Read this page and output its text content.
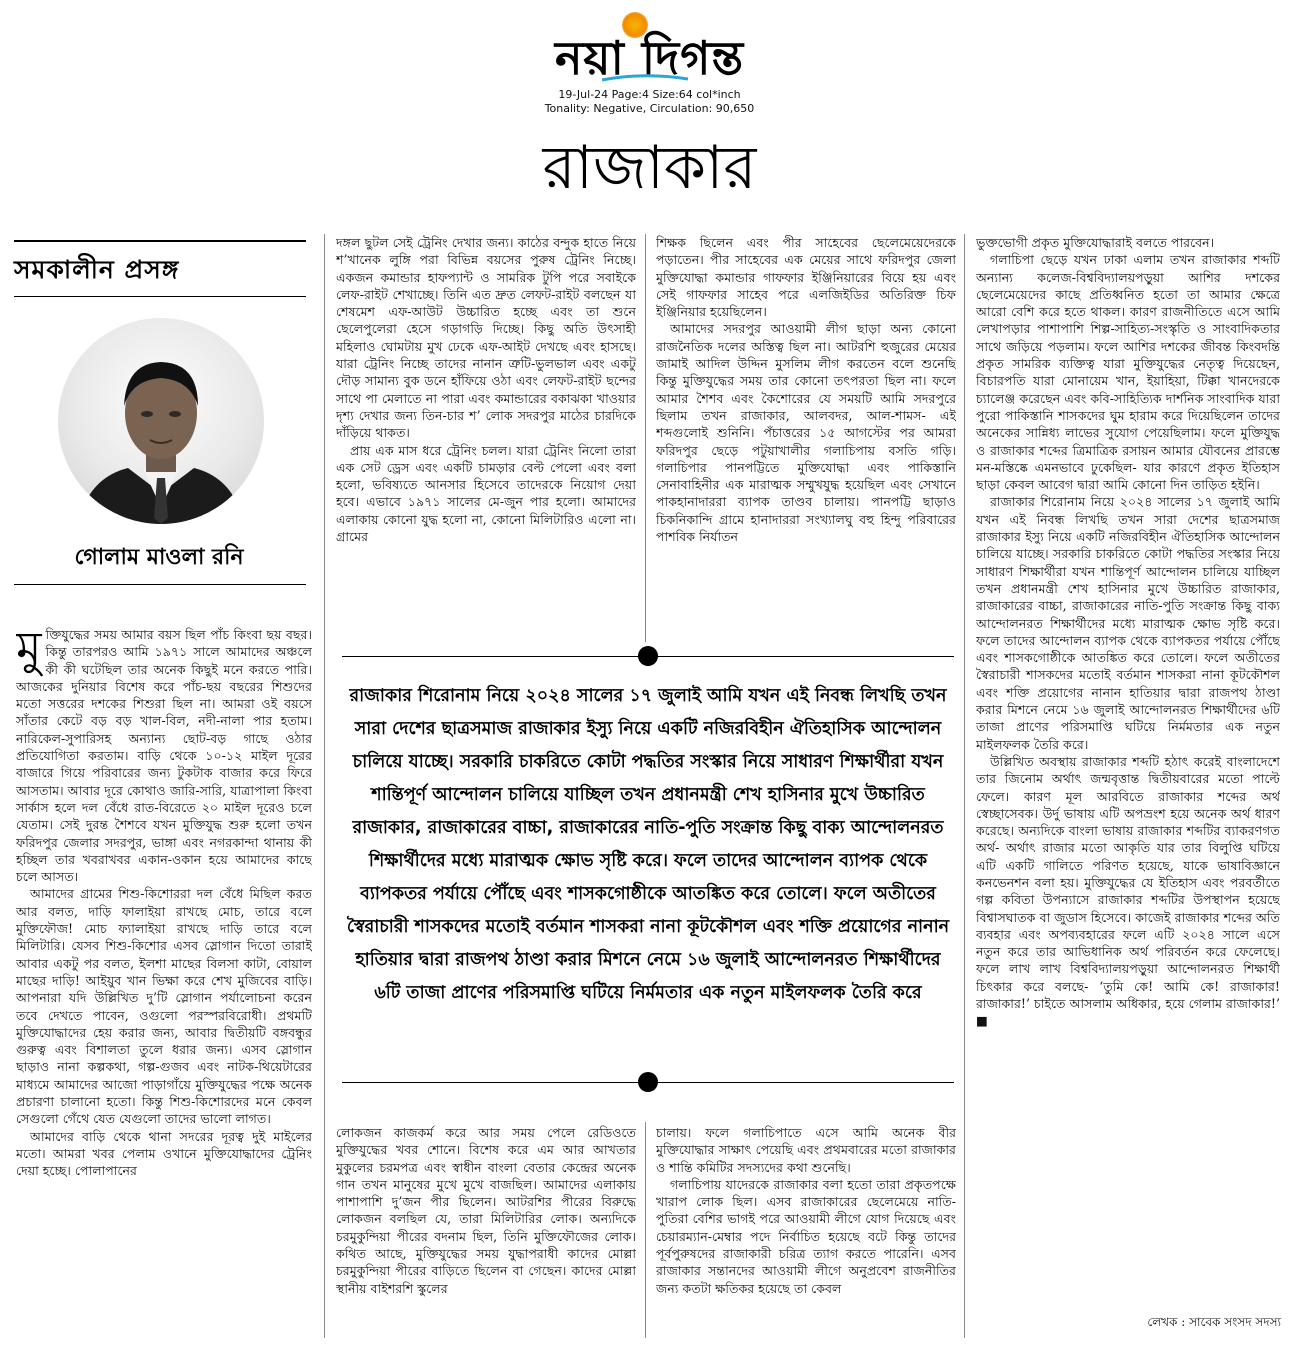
নয়া দিগন্ত
19-Jul-24 Page:4 Size:64 col*inch
Tonality: Negative, Circulation: 90,650
রাজাকার
সমকালীন প্রসঙ্গ
গোলাম মাওলা রনি
মু ক্তিযুদ্ধের সময় আমার বয়স ছিল পাঁচ কিংবা ছয় বছর। কিন্তু তারপরও আমি ১৯৭১ সালে আমাদের অঞ্চলে কী কী ঘটেছিল তার অনেক কিছুই মনে করতে পারি। আজকের দুনিয়ার বিশেষ করে পাঁচ-ছয় বছরের শিশুদের মতো সত্তরের দশকের শিশুরা ছিল না। আমরা ওই বয়সে সাঁতার কেটে বড় বড় খাল-বিল, নদী-নালা পার হতাম। নারিকেল-সুপারিসহ অন্যান্য ছোট-বড় গাছে ওঠার প্রতিযোগিতা করতাম। বাড়ি থেকে ১০-১২ মাইল দূরের বাজারে গিয়ে পরিবারের জন্য টুকটাক বাজার করে ফিরে আসতাম। আবার দূরে কোথাও জারি-সারি, যাত্রাপালা কিংবা সার্কাস হলে দল বেঁধে রাত-বিরেতে ২০ মাইল দূরেও চলে যেতাম। সেই দুরন্ত শৈশবে যখন মুক্তিযুদ্ধ শুরু হলো তখন ফরিদপুর জেলার সদরপুর, ভাঙ্গা এবং নগরকান্দা থানায় কী হচ্ছিল তার খবরাখবর একান-ওকান হয়ে আমাদের কাছে চলে আসত।

আমাদের গ্রামের শিশু-কিশোররা দল বেঁধে মিছিল করত আর বলত, দাড়ি ফালাইয়া রাখছে মোচ, তারে বলে মুক্তিফৌজ! মোচ ফ্যালাইয়া রাখছে দাড়ি তারে বলে মিলিটারি। যেসব শিশু-কিশোর এসব স্লোগান দিতো তারাই আবার একটু পর বলত, ইলশা মাছের বিলসা কাটা, বোয়াল মাছের দাড়ি! আইয়ুব খান ভিক্ষা করে শেখ মুজিবের বাড়ি। আপনারা যদি উল্লিখিত দু’টি স্লোগান পর্যালোচনা করেন তবে দেখতে পাবেন, ওগুলো পরস্পরবিরোধী। প্রথমটি মুক্তিযোদ্ধাদের হেয় করার জন্য, আবার দ্বিতীয়টি বঙ্গবন্ধুর গুরুত্ব এবং বিশালতা তুলে ধরার জন্য। এসব স্লোগান ছাড়াও নানা কল্পকথা, গল্প-গুজব এবং নাটক-থিয়েটারের মাধ্যমে আমাদের আজো পাড়াগাঁয়ে মুক্তিযুদ্ধের পক্ষে অনেক প্রচারণা চালানো হতো। কিন্তু শিশু-কিশোরদের মনে কেবল সেগুলো গেঁথে যেত যেগুলো তাদের ভালো লাগত।

আমাদের বাড়ি থেকে থানা সদরের দূরত্ব দুই মাইলের মতো। আমরা খবর পেলাম ওখানে মুক্তিযোদ্ধাদের ট্রেনিং দেয়া হচ্ছে। পোলাপানের

দঙ্গল ছুটল সেই ট্রেনিং দেখার জন্য। কাঠের বন্দুক হাতে নিয়ে শ’খানেক লুঙ্গি পরা বিভিন্ন বয়সের পুরুষ ট্রেনিং নিচ্ছে। একজন কমান্ডার হাফপ্যান্ট ও সামরিক টুপি পরে সবাইকে লেফ-রাইট শেখাচ্ছে। তিনি এত দ্রুত লেফট-রাইট বলছেন যা শেষমেশ এফ-আউট উচ্চারিত হচ্ছে এবং তা শুনে ছেলেপুলেরা হেসে গড়াগড়ি দিচ্ছে। কিছু অতি উৎসাহী মহিলাও ঘোমটায় মুখ ঢেকে এফ-আইট দেখছে এবং হাসছে। যারা ট্রেনিং নিচ্ছে তাদের নানান ত্রুটি-ভুলভাল এবং একটু দৌড় সামান্য বুক ডনে হাঁফিয়ে ওঠা এবং লেফট-রাইট ছন্দের সাথে পা মেলাতে না পারা এবং কমান্ডারের বকাঝকা খাওয়ার দৃশ্য দেখার জন্য তিন-চার শ’ লোক সদরপুর মাঠের চারদিকে দাঁড়িয়ে থাকত।

প্রায় এক মাস ধরে ট্রেনিং চলল। যারা ট্রেনিং নিলো তারা এক সেট ড্রেস এবং একটি চামড়ার বেল্ট পেলো এবং বলা হলো, ভবিষ্যতে আনসার হিসেবে তাদেরকে নিয়োগ দেয়া হবে। এভাবে ১৯৭১ সালের মে-জুন পার হলো। আমাদের এলাকায় কোনো যুদ্ধ হলো না, কোনো মিলিটারিও এলো না। গ্রামের

শিক্ষক ছিলেন এবং পীর সাহেবের ছেলেমেয়েদেরকে পড়াতেন। পীর সাহেবের এক মেয়ের সাথে ফরিদপুর জেলা মুক্তিযোদ্ধা কমান্ডার গাফফার ইঞ্জিনিয়ারের বিয়ে হয় এবং সেই গাফফার সাহেব পরে এলজিইডির অতিরিক্ত চিফ ইঞ্জিনিয়ার হয়েছিলেন।

আমাদের সদরপুর আওয়ামী লীগ ছাড়া অন্য কোনো রাজনৈতিক দলের অস্তিত্ব ছিল না। আটরশি হুজুরের মেয়ের জামাই আদিল উদ্দিন মুসলিম লীগ করতেন বলে শুনেছি কিন্তু মুক্তিযুদ্ধের সময় তার কোনো তৎপরতা ছিল না। ফলে আমার শৈশব এবং কৈশোরের যে সময়টি আমি সদরপুরে ছিলাম তখন রাজাকার, আলবদর, আল-শামস- এই শব্দগুলোই শুনিনি। পঁচাত্তরের ১৫ আগস্টের পর আমরা ফরিদপুর ছেড়ে পটুয়াখালীর গলাচিপায় বসতি গড়ি। গলাচিপার পানপট্টিতে মুক্তিযোদ্ধা এবং পাকিস্তানি সেনাবাহিনীর এক মারাত্মক সম্মুখযুদ্ধ হয়েছিল এবং সেখানে পাকহানাদাররা ব্যাপক তাণ্ডব চালায়। পানপট্টি ছাড়াও চিকনিকান্দি গ্রামে হানাদাররা সংখ্যালঘু বহু হিন্দু পরিবারের পাশবিক নির্যাতন

রাজাকার শিরোনাম নিয়ে ২০২৪ সালের ১৭ জুলাই আমি যখন এই নিবন্ধ লিখছি তখন সারা দেশের ছাত্রসমাজ রাজাকার ইস্যু নিয়ে একটি নজিরবিহীন ঐতিহাসিক আন্দোলন চালিয়ে যাচ্ছে। সরকারি চাকরিতে কোটা পদ্ধতির সংস্কার নিয়ে সাধারণ শিক্ষার্থীরা যখন শান্তিপূর্ণ আন্দোলন চালিয়ে যাচ্ছিল তখন প্রধানমন্ত্রী শেখ হাসিনার মুখে উচ্চারিত রাজাকার, রাজাকারের বাচ্চা, রাজাকারের নাতি-পুতি সংক্রান্ত কিছু বাক্য আন্দোলনরত শিক্ষার্থীদের মধ্যে মারাত্মক ক্ষোভ সৃষ্টি করে। ফলে তাদের আন্দোলন ব্যাপক থেকে ব্যাপকতর পর্যায়ে পৌঁছে এবং শাসকগোষ্ঠীকে আতঙ্কিত করে তোলে। ফলে অতীতের স্বৈরাচারী শাসকদের মতোই বর্তমান শাসকরা নানা কূটকৌশল এবং শক্তি প্রয়োগের নানান হাতিয়ার দ্বারা রাজপথ ঠাণ্ডা করার মিশনে নেমে ১৬ জুলাই আন্দোলনরত শিক্ষার্থীদের ৬টি তাজা প্রাণের পরিসমাপ্তি ঘটিয়ে নির্মমতার এক নতুন মাইলফলক তৈরি করে

লোকজন কাজকর্ম করে আর সময় পেলে রেডিওতে মুক্তিযুদ্ধের খবর শোনে। বিশেষ করে এম আর আখতার মুকুলের চরমপত্র এবং স্বাধীন বাংলা বেতার কেন্দ্রের অনেক গান তখন মানুষের মুখে মুখে বাজছিল। আমাদের এলাকায় পাশাপাশি দু’জন পীর ছিলেন। আটরশির পীরের বিরুদ্ধে লোকজন বলছিল যে, তারা মিলিটারির লোক। অন্যদিকে চরমুকুন্দিয়া পীরের বদনাম ছিল, তিনি মুক্তিফৌজের লোক। কথিত আছে, মুক্তিযুদ্ধের সময় যুদ্ধাপরাধী কাদের মোল্লা চরমুকুন্দিয়া পীরের বাড়িতে ছিলেন বা গেছেন। কাদের মোল্লা স্থানীয় বাইশরশি স্কুলের

চালায়। ফলে গলাচিপাতে এসে আমি অনেক বীর মুক্তিযোদ্ধার সাক্ষাৎ পেয়েছি এবং প্রথমবারের মতো রাজাকার ও শান্তি কমিটির সদস্যদের কথা শুনেছি।

গলাচিপায় যাদেরকে রাজাকার বলা হতো তারা প্রকৃতপক্ষে খারাপ লোক ছিল। এসব রাজাকারের ছেলেমেয়ে নাতি-পুতিরা বেশির ভাগই পরে আওয়ামী লীগে যোগ দিয়েছে এবং চেয়ারম্যান-মেম্বার পদে নির্বাচিত হয়েছে বটে কিন্তু তাদের পূর্বপুরুষদের রাজাকারী চরিত্র ত্যাগ করতে পারেনি। এসব রাজাকার সন্তানদের আওয়ামী লীগে অনুপ্রবেশ রাজনীতির জন্য কতটা ক্ষতিকর হয়েছে তা কেবল

ভুক্তভোগী প্রকৃত মুক্তিযোদ্ধারাই বলতে পারবেন।

গলাচিপা ছেড়ে যখন ঢাকা এলাম তখন রাজাকার শব্দটি অন্যান্য কলেজ-বিশ্ববিদ্যালয়পড়ুয়া আশির দশকের ছেলেমেয়েদের কাছে প্রতিধ্বনিত হতো তা আমার ক্ষেত্রে আরো বেশি করে হতে থাকল। কারণ রাজনীতিতে এসে আমি লেখাপড়ার পাশাপাশি শিল্প-সাহিত্য-সংস্কৃতি ও সাংবাদিকতার সাথে জড়িয়ে পড়লাম। ফলে আশির দশকের জীবন্ত কিংবদন্তি প্রকৃত সামরিক ব্যক্তিত্ব যারা মুক্তিযুদ্ধের নেতৃত্ব দিয়েছেন, বিচারপতি যারা মোনায়েম খান, ইয়াহিয়া, টিক্কা খানদেরকে চ্যালেঞ্জ করেছেন এবং কবি-সাহিত্যিক দার্শনিক সাংবাদিক যারা পুরো পাকিস্তানি শাসকদের ঘুম হারাম করে দিয়েছিলেন তাদের অনেকের সান্নিধ্য লাভের সুযোগ পেয়েছিলাম। ফলে মুক্তিযুদ্ধ ও রাজাকার শব্দের ত্রিমাত্রিক রসায়ন আমার যৌবনের প্রারম্ভে মন-মস্তিষ্কে এমনভাবে ঢুকেছিল- যার কারণে প্রকৃত ইতিহাস ছাড়া কেবল আবেগ দ্বারা আমি কোনো দিন তাড়িত হইনি।

রাজাকার শিরোনাম নিয়ে ২০২৪ সালের ১৭ জুলাই আমি যখন এই নিবন্ধ লিখছি তখন সারা দেশের ছাত্রসমাজ রাজাকার ইস্যু নিয়ে একটি নজিরবিহীন ঐতিহাসিক আন্দোলন চালিয়ে যাচ্ছে। সরকারি চাকরিতে কোটা পদ্ধতির সংস্কার নিয়ে সাধারণ শিক্ষার্থীরা যখন শান্তিপূর্ণ আন্দোলন চালিয়ে যাচ্ছিল তখন প্রধানমন্ত্রী শেখ হাসিনার মুখে উচ্চারিত রাজাকার, রাজাকারের বাচ্চা, রাজাকারের নাতি-পুতি সংক্রান্ত কিছু বাক্য আন্দোলনরত শিক্ষার্থীদের মধ্যে মারাত্মক ক্ষোভ সৃষ্টি করে। ফলে তাদের আন্দোলন ব্যাপক থেকে ব্যাপকতর পর্যায়ে পৌঁছে এবং শাসকগোষ্ঠীকে আতঙ্কিত করে তোলে। ফলে অতীতের স্বৈরাচারী শাসকদের মতোই বর্তমান শাসকরা নানা কূটকৌশল এবং শক্তি প্রয়োগের নানান হাতিয়ার দ্বারা রাজপথ ঠাণ্ডা করার মিশনে নেমে ১৬ জুলাই আন্দোলনরত শিক্ষার্থীদের ৬টি তাজা প্রাণের পরিসমাপ্তি ঘটিয়ে নির্মমতার এক নতুন মাইলফলক তৈরি করে।

উল্লিখিত অবস্থায় রাজাকার শব্দটি হঠাৎ করেই বাংলাদেশে তার জিনোম অর্থাৎ জন্মবৃত্তান্ত দ্বিতীয়বারের মতো পাল্টে ফেলে। কারণ মূল আরবিতে রাজাকার শব্দের অর্থ স্বেচ্ছাসেবক। উর্দু ভাষায় এটি অপভ্রংশ হয়ে অনেক অর্থ ধারণ করেছে। অন্যদিকে বাংলা ভাষায় রাজাকার শব্দটির ব্যাকরণগত অর্থ- অর্থাৎ রাজার মতো আকৃতি যার তার বিলুপ্তি ঘটিয়ে এটি একটি গালিতে পরিণত হয়েছে, যাকে ভাষাবিজ্ঞানে কনভেনশন বলা হয়। মুক্তিযুদ্ধের যে ইতিহাস এবং পরবর্তীতে গল্প কবিতা উপন্যাসে রাজাকার শব্দটির উপস্থাপন হয়েছে বিশ্বাসঘাতক বা জুডাস হিসেবে। কাজেই রাজাকার শব্দের অতি ব্যবহার এবং অপব্যবহারের ফলে এটি ২০২৪ সালে এসে নতুন করে তার আভিধানিক অর্থ পরিবর্তন করে ফেলেছে। ফলে লাখ লাখ বিশ্ববিদ্যালয়পড়ুয়া আন্দোলনরত শিক্ষার্থী চিৎকার করে বলছে- ‘তুমি কে! আমি কে! রাজাকার! রাজাকার!’ চাইতে আসলাম অধিকার, হয়ে গেলাম রাজাকার!’ ■

লেখক : সাবেক সংসদ সদস্য
